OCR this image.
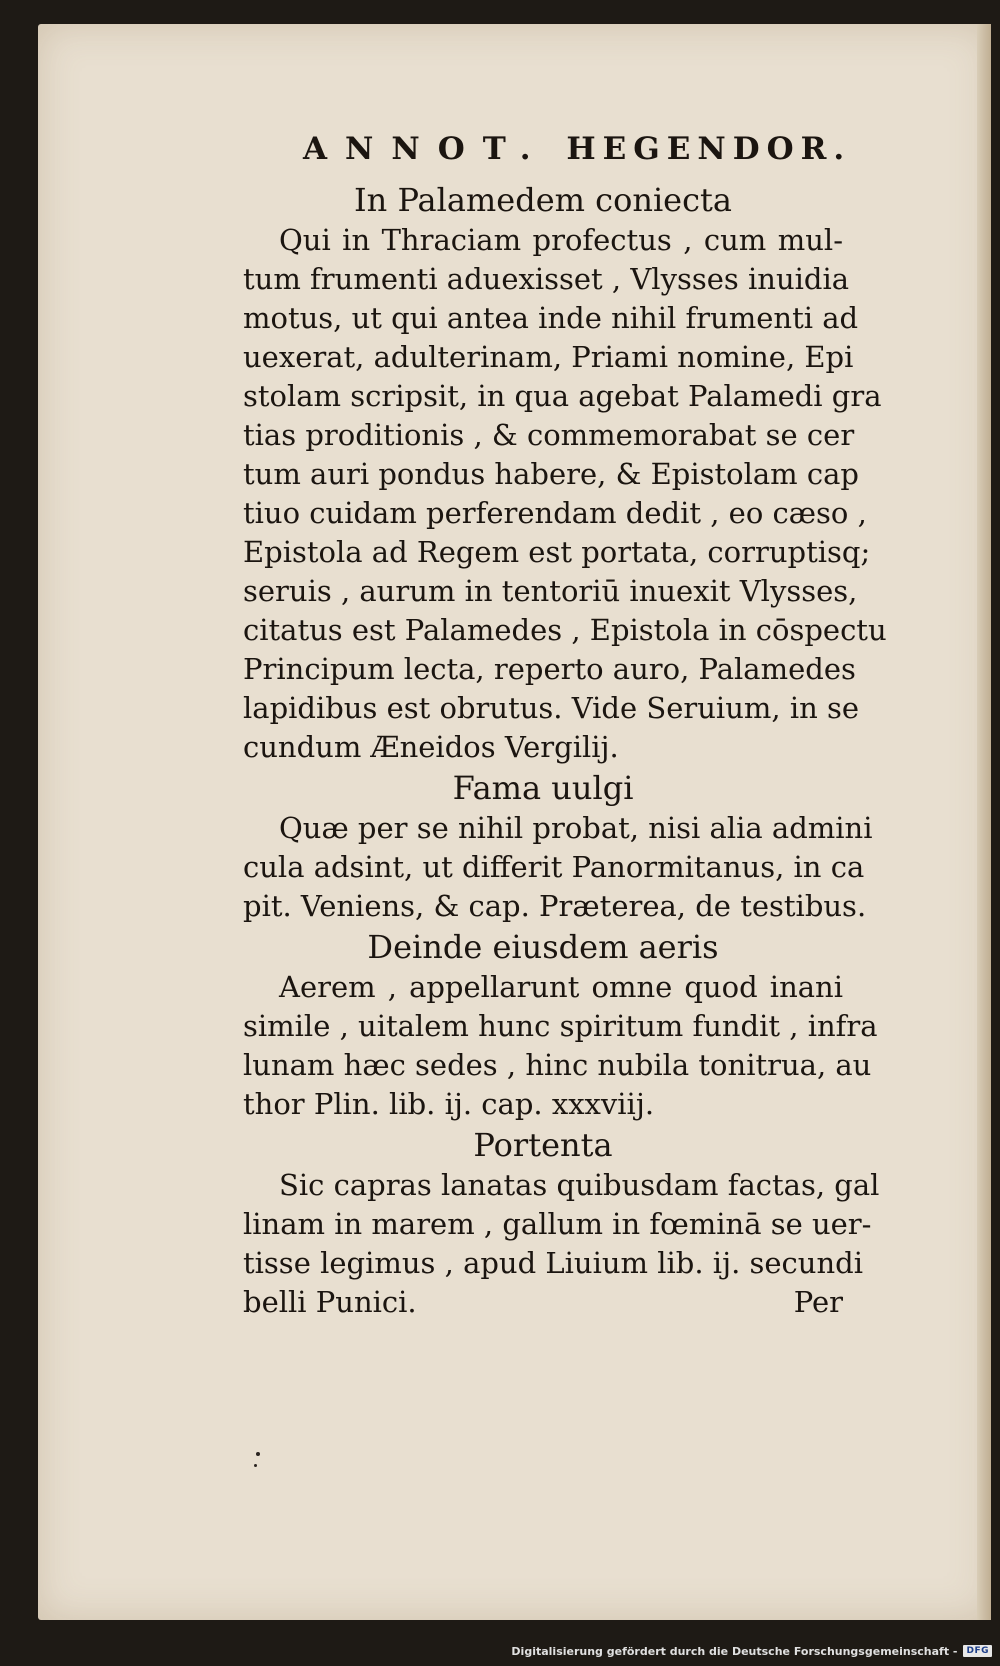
ANNOT. HEGENDOR.
In Palamedem coniecta
Qui in Thraciam profectus , cum mul-
tum frumenti aduexisset , Vlysses inuidia
motus, ut qui antea inde nihil frumenti ad
uexerat, adulterinam, Priami nomine, Epi
stolam scripsit, in qua agebat Palamedi gra
tias proditionis , & commemorabat se cer
tum auri pondus habere, & Epistolam cap
tiuo cuidam perferendam dedit , eo cæso ,
Epistola ad Regem est portata, corruptisq;
seruis , aurum in tentoriū inuexit Vlysses,
citatus est Palamedes , Epistola in cōspectu
Principum lecta, reperto auro, Palamedes
lapidibus est obrutus. Vide Seruium, in se
cundum Æneidos Vergilij.
Fama uulgi
Quæ per se nihil probat, nisi alia admini
cula adsint, ut differit Panormitanus, in ca
pit. Veniens, & cap. Præterea, de testibus.
Deinde eiusdem aeris
Aerem , appellarunt omne quod inani
simile , uitalem hunc spiritum fundit , infra
lunam hæc sedes , hinc nubila tonitrua, au
thor Plin. lib. ij. cap. xxxviij.
Portenta
Sic capras lanatas quibusdam factas, gal
linam in marem , gallum in fœminā se uer-
tisse legimus , apud Liuium lib. ij. secundi
belli Punici.	Per
Digitalisierung gefördert durch die Deutsche Forschungsgemeinschaft -	DFG
